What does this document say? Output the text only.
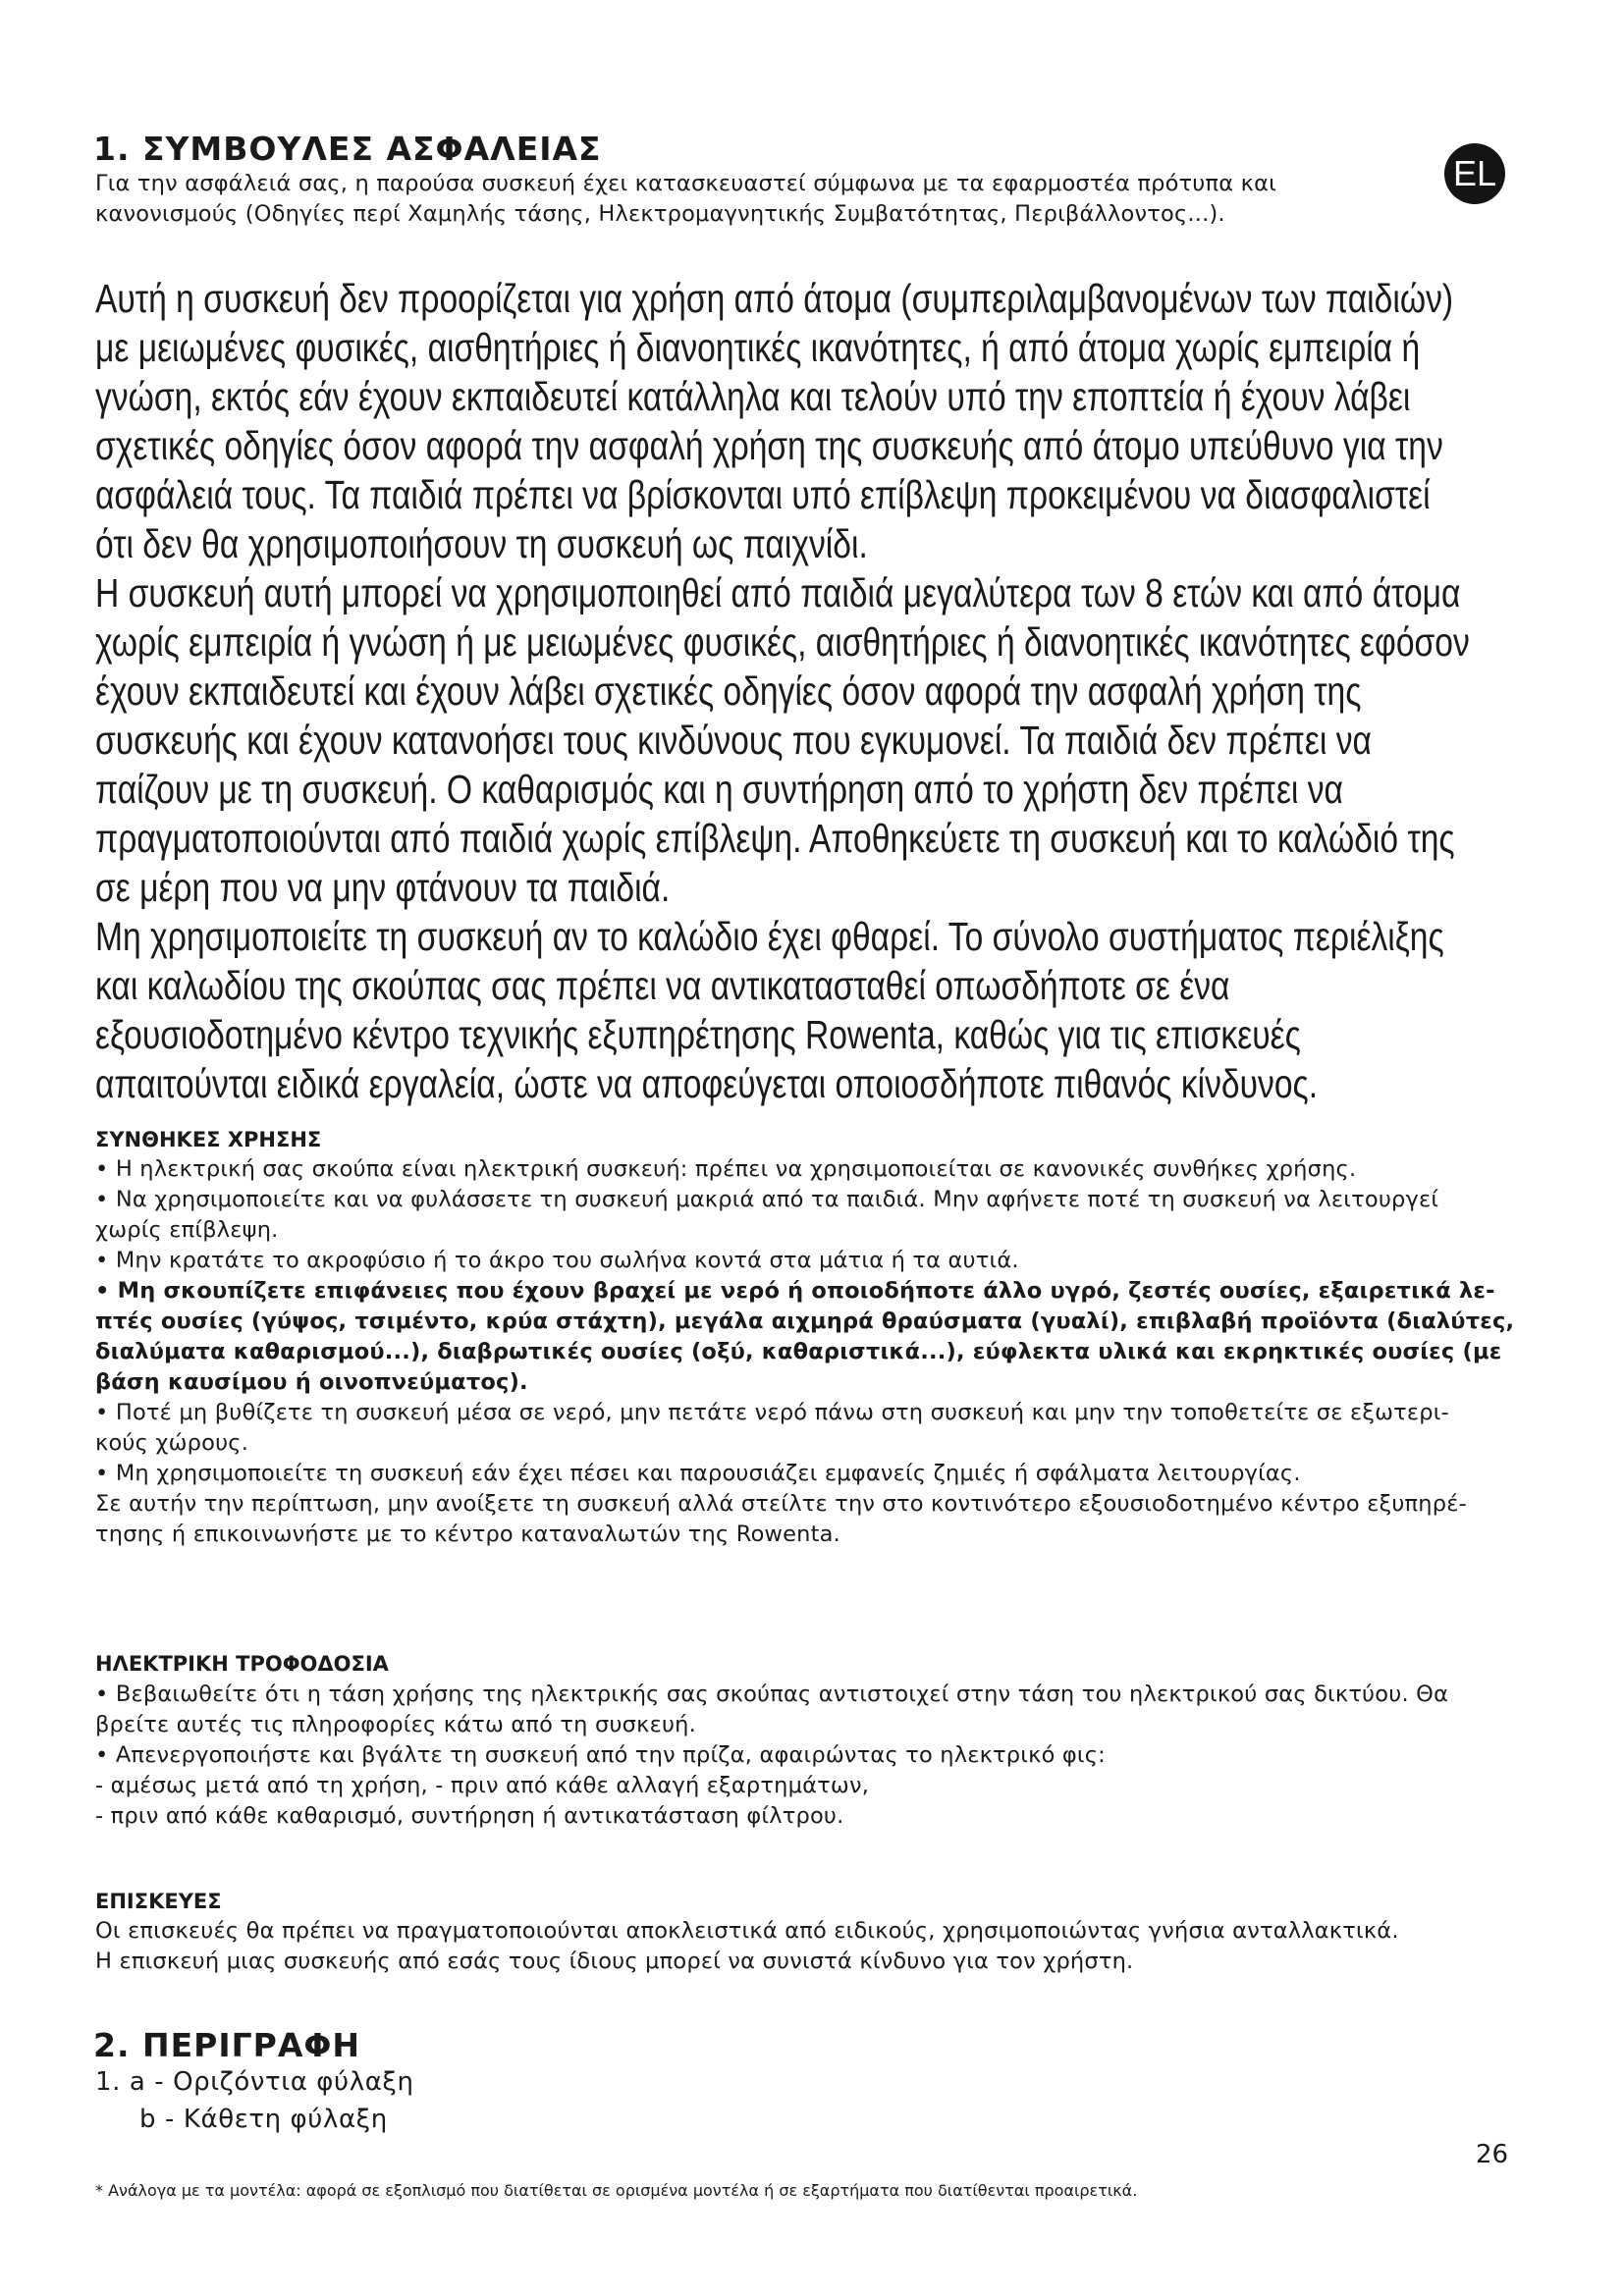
1. ΣΥΜΒΟΥΛΕΣ ΑΣΦΑΛΕΙΑΣ
EL
Για την ασφάλειά σας, η παρούσα συσκευή έχει κατασκευαστεί σύμφωνα με τα εφαρμοστέα πρότυπα και
κανονισμούς (Οδηγίες περί Χαμηλής τάσης, Ηλεκτρομαγνητικής Συμβατότητας, Περιβάλλοντος...).
Αυτή η συσκευή δεν προορίζεται για χρήση από άτομα (συμπεριλαμβανομένων των παιδιών)
με μειωμένες φυσικές, αισθητήριες ή διανοητικές ικανότητες, ή από άτομα χωρίς εμπειρία ή
γνώση, εκτός εάν έχουν εκπαιδευτεί κατάλληλα και τελούν υπό την εποπτεία ή έχουν λάβει
σχετικές οδηγίες όσον αφορά την ασφαλή χρήση της συσκευής από άτομο υπεύθυνο για την
ασφάλειά τους. Τα παιδιά πρέπει να βρίσκονται υπό επίβλεψη προκειμένου να διασφαλιστεί
ότι δεν θα χρησιμοποιήσουν τη συσκευή ως παιχνίδι.
Η συσκευή αυτή μπορεί να χρησιμοποιηθεί από παιδιά μεγαλύτερα των 8 ετών και από άτομα
χωρίς εμπειρία ή γνώση ή με μειωμένες φυσικές, αισθητήριες ή διανοητικές ικανότητες εφόσον
έχουν εκπαιδευτεί και έχουν λάβει σχετικές οδηγίες όσον αφορά την ασφαλή χρήση της
συσκευής και έχουν κατανοήσει τους κινδύνους που εγκυμονεί. Τα παιδιά δεν πρέπει να
παίζουν με τη συσκευή. Ο καθαρισμός και η συντήρηση από το χρήστη δεν πρέπει να
πραγματοποιούνται από παιδιά χωρίς επίβλεψη. Αποθηκεύετε τη συσκευή και το καλώδιό της
σε μέρη που να μην φτάνουν τα παιδιά.
Μη χρησιμοποιείτε τη συσκευή αν το καλώδιο έχει φθαρεί. Το σύνολο συστήματος περιέλιξης
και καλωδίου της σκούπας σας πρέπει να αντικατασταθεί οπωσδήποτε σε ένα
εξουσιοδοτημένο κέντρο τεχνικής εξυπηρέτησης Rowenta, καθώς για τις επισκευές
απαιτούνται ειδικά εργαλεία, ώστε να αποφεύγεται οποιοσδήποτε πιθανός κίνδυνος.
ΣΥΝΘΗΚΕΣ ΧΡΗΣΗΣ
• Η ηλεκτρική σας σκούπα είναι ηλεκτρική συσκευή: πρέπει να χρησιμοποιείται σε κανονικές συνθήκες χρήσης.
• Να χρησιμοποιείτε και να φυλάσσετε τη συσκευή μακριά από τα παιδιά. Μην αφήνετε ποτέ τη συσκευή να λειτουργεί
χωρίς επίβλεψη.
• Μην κρατάτε το ακροφύσιο ή το άκρο του σωλήνα κοντά στα μάτια ή τα αυτιά.
• Μη σκουπίζετε επιφάνειες που έχουν βραχεί με νερό ή οποιοδήποτε άλλο υγρό, ζεστές ουσίες, εξαιρετικά λε-
πτές ουσίες (γύψος, τσιμέντο, κρύα στάχτη), μεγάλα αιχμηρά θραύσματα (γυαλί), επιβλαβή προϊόντα (διαλύτες,
διαλύματα καθαρισμού...), διαβρωτικές ουσίες (οξύ, καθαριστικά...), εύφλεκτα υλικά και εκρηκτικές ουσίες (με
βάση καυσίμου ή οινοπνεύματος).
• Ποτέ μη βυθίζετε τη συσκευή μέσα σε νερό, μην πετάτε νερό πάνω στη συσκευή και μην την τοποθετείτε σε εξωτερι-
κούς χώρους.
• Μη χρησιμοποιείτε τη συσκευή εάν έχει πέσει και παρουσιάζει εμφανείς ζημιές ή σφάλματα λειτουργίας.
Σε αυτήν την περίπτωση, μην ανοίξετε τη συσκευή αλλά στείλτε την στο κοντινότερο εξουσιοδοτημένο κέντρο εξυπηρέ-
τησης ή επικοινωνήστε με το κέντρο καταναλωτών της Rowenta.
ΗΛΕΚΤΡΙΚΗ ΤΡΟΦΟΔΟΣΙΑ
• Βεβαιωθείτε ότι η τάση χρήσης της ηλεκτρικής σας σκούπας αντιστοιχεί στην τάση του ηλεκτρικού σας δικτύου. Θα
βρείτε αυτές τις πληροφορίες κάτω από τη συσκευή.
• Απενεργοποιήστε και βγάλτε τη συσκευή από την πρίζα, αφαιρώντας το ηλεκτρικό φις:
- αμέσως μετά από τη χρήση, - πριν από κάθε αλλαγή εξαρτημάτων,
- πριν από κάθε καθαρισμό, συντήρηση ή αντικατάσταση φίλτρου.
ΕΠΙΣΚΕΥΕΣ
Οι επισκευές θα πρέπει να πραγματοποιούνται αποκλειστικά από ειδικούς, χρησιμοποιώντας γνήσια ανταλλακτικά.
Η επισκευή μιας συσκευής από εσάς τους ίδιους μπορεί να συνιστά κίνδυνο για τον χρήστη.
2. ΠΕΡΙΓΡΑΦΗ
1. a - Οριζόντια φύλαξη
b - Κάθετη φύλαξη
26
* Ανάλογα με τα μοντέλα: αφορά σε εξοπλισμό που διατίθεται σε ορισμένα μοντέλα ή σε εξαρτήματα που διατίθενται προαιρετικά.
